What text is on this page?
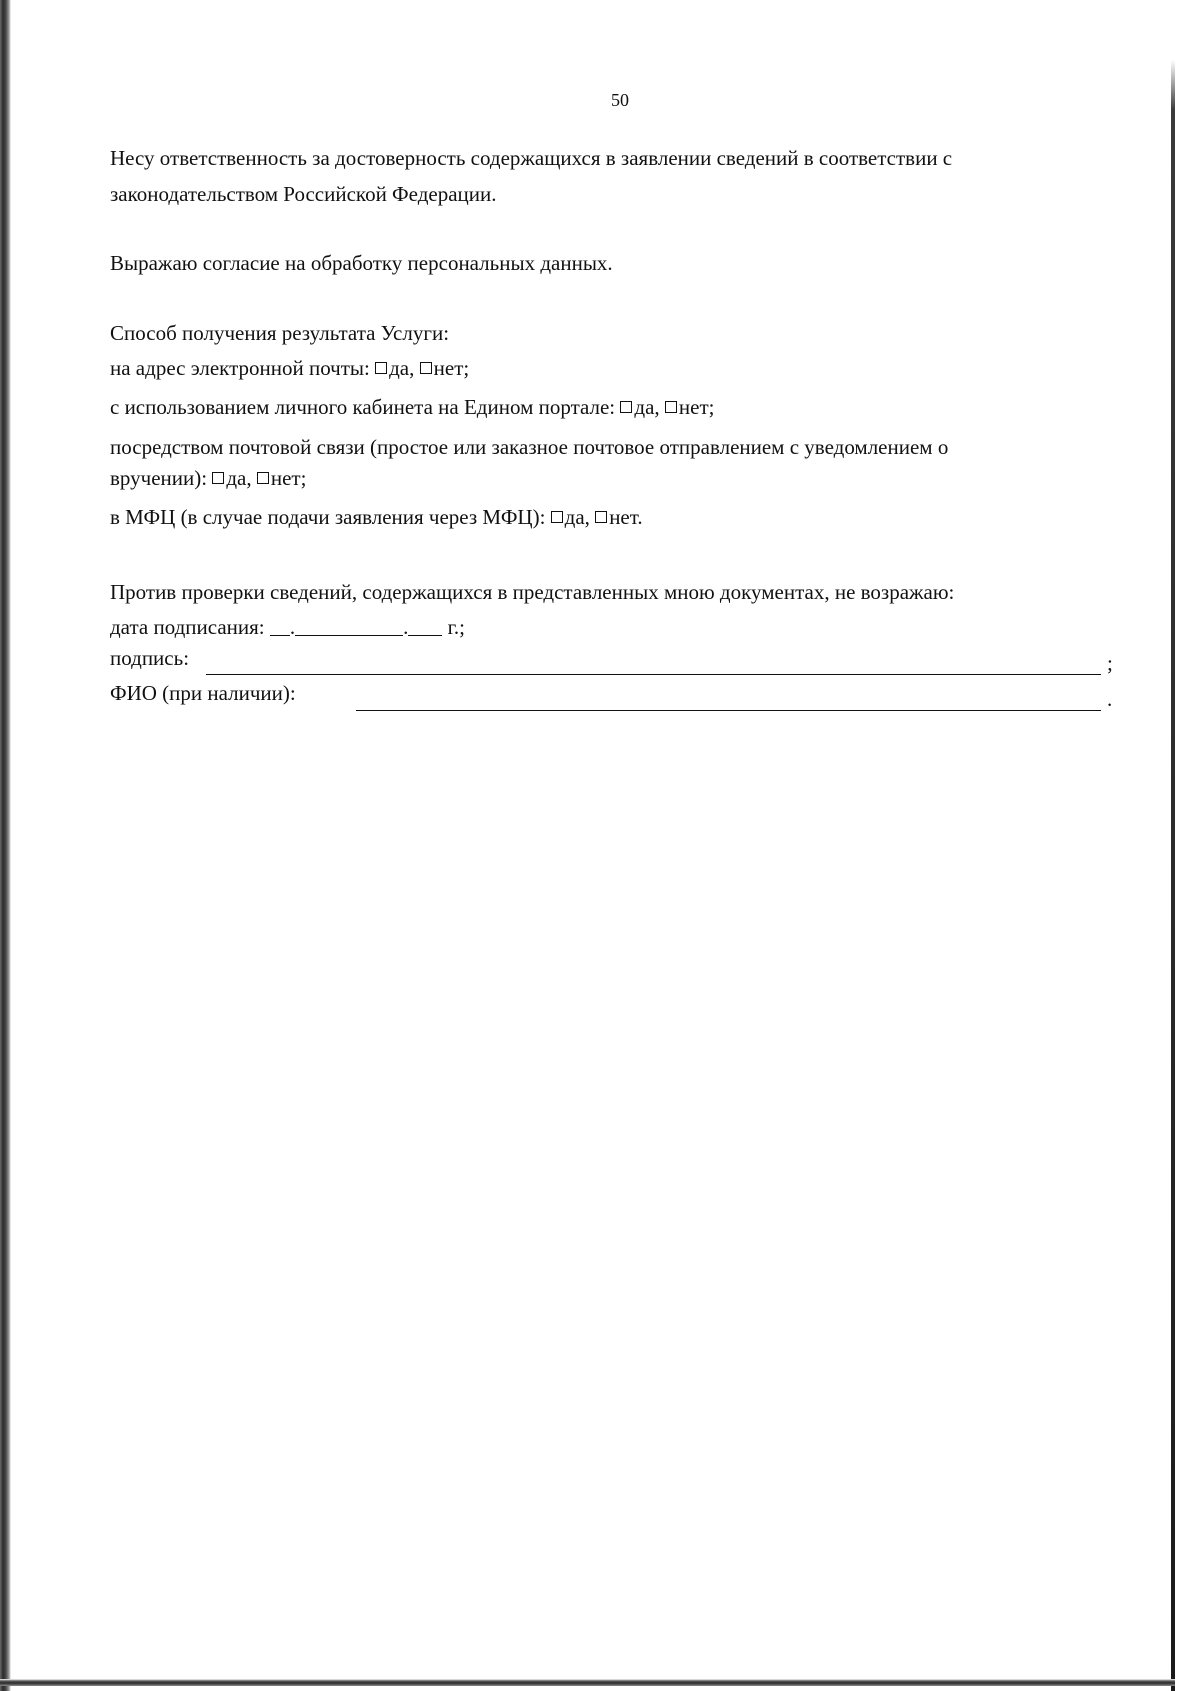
50
Несу ответственность за достоверность содержащихся в заявлении сведений в соответствии с
законодательством Российской Федерации.
Выражаю согласие на обработку персональных данных.
Способ получения результата Услуги:
на адрес электронной почты: да, нет;
с использованием личного кабинета на Едином портале: да, нет;
посредством почтовой связи (простое или заказное почтовое отправлением с уведомлением о
вручении): да, нет;
в МФЦ (в случае подачи заявления через МФЦ): да, нет.
Против проверки сведений, содержащихся в представленных мною документах, не возражаю:
дата подписания: .	. г.;
подпись:	;
ФИО (при наличии):	.
